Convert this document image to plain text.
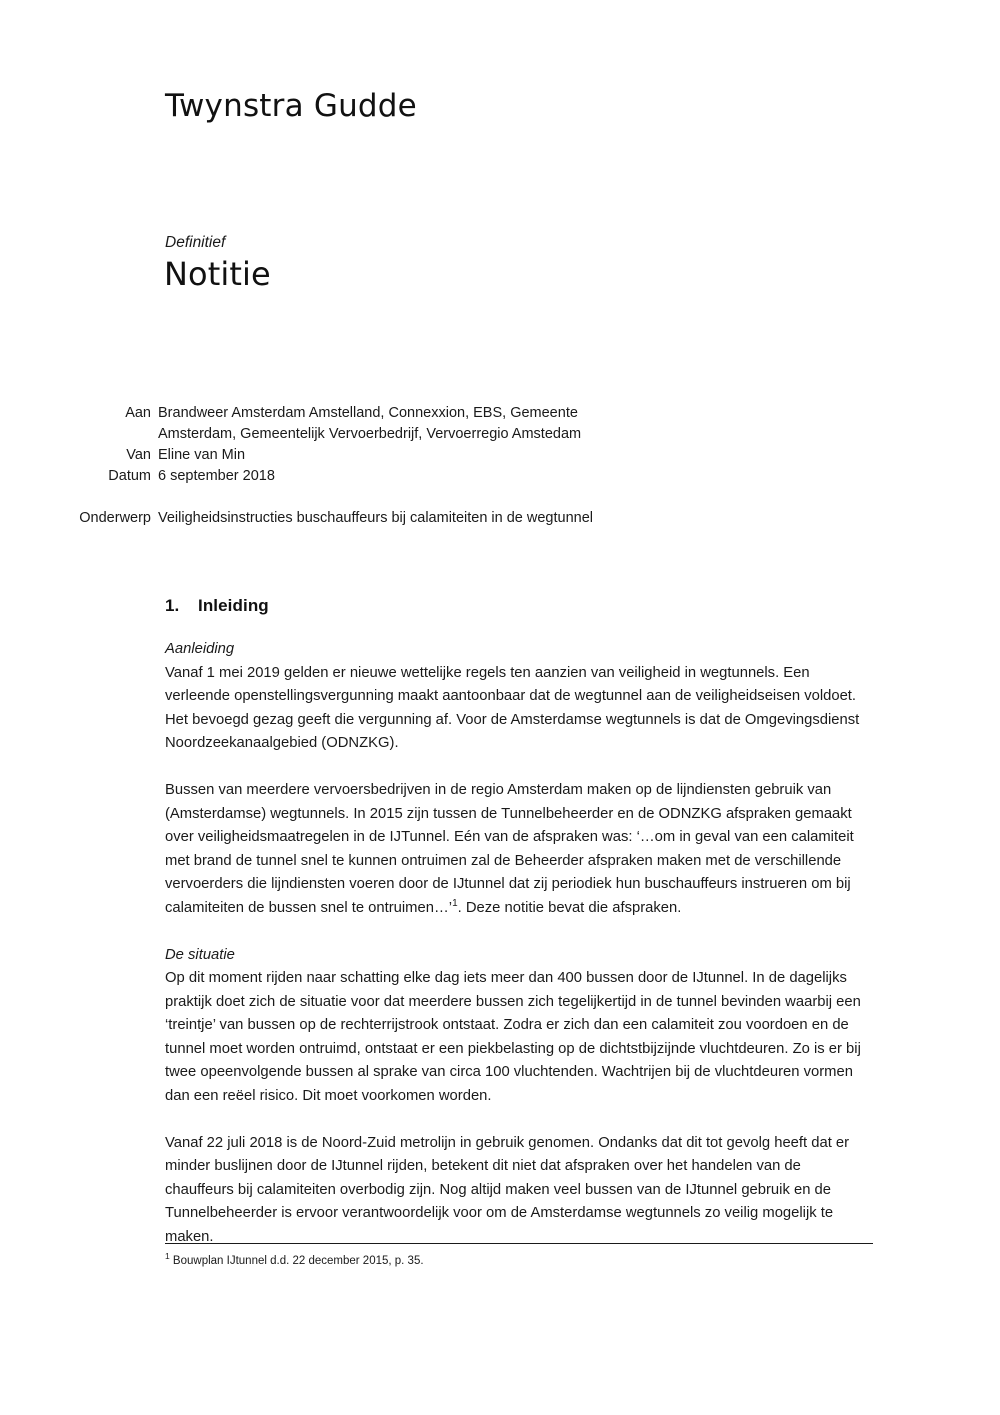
Twynstra Gudde
Definitief
Notitie
Aan Brandweer Amsterdam Amstelland, Connexxion, EBS, Gemeente
Amsterdam, Gemeentelijk Vervoerbedrijf, Vervoerregio Amstedam
Van Eline van Min
Datum 6 september 2018
Onderwerp Veiligheidsinstructies buschauffeurs bij calamiteiten in de wegtunnel
1. Inleiding

Aanleiding

Vanaf 1 mei 2019 gelden er nieuwe wettelijke regels ten aanzien van veiligheid in wegtunnels. Een verleende openstellingsvergunning maakt aantoonbaar dat de wegtunnel aan de veiligheidseisen voldoet. Het bevoegd gezag geeft die vergunning af. Voor de Amsterdamse wegtunnels is dat de Omgevingsdienst Noordzeekanaalgebied (ODNZKG).

Bussen van meerdere vervoersbedrijven in de regio Amsterdam maken op de lijndiensten gebruik van (Amsterdamse) wegtunnels. In 2015 zijn tussen de Tunnelbeheerder en de ODNZKG afspraken gemaakt over veiligheidsmaatregelen in de IJTunnel. Eén van de afspraken was: ‘…om in geval van een calamiteit met brand de tunnel snel te kunnen ontruimen zal de Beheerder afspraken maken met de verschillende vervoerders die lijndiensten voeren door de IJtunnel dat zij periodiek hun buschauffeurs instrueren om bij calamiteiten de bussen snel te ontruimen…’$^1$. Deze notitie bevat die afspraken.

De situatie

Op dit moment rijden naar schatting elke dag iets meer dan 400 bussen door de IJtunnel. In de dagelijks praktijk doet zich de situatie voor dat meerdere bussen zich tegelijkertijd in de tunnel bevinden waarbij een ‘treintje’ van bussen op de rechterrijstrook ontstaat. Zodra er zich dan een calamiteit zou voordoen en de tunnel moet worden ontruimd, ontstaat er een piekbelasting op de dichtstbijzijnde vluchtdeuren. Zo is er bij twee opeenvolgende bussen al sprake van circa 100 vluchtenden. Wachtrijen bij de vluchtdeuren vormen dan een reëel risico. Dit moet voorkomen worden.

Vanaf 22 juli 2018 is de Noord-Zuid metrolijn in gebruik genomen. Ondanks dat dit tot gevolg heeft dat er minder buslijnen door de IJtunnel rijden, betekent dit niet dat afspraken over het handelen van de chauffeurs bij calamiteiten overbodig zijn. Nog altijd maken veel bussen van de IJtunnel gebruik en de Tunnelbeheerder is ervoor verantwoordelijk voor om de Amsterdamse wegtunnels zo veilig mogelijk te maken.

$^1$ Bouwplan IJtunnel d.d. 22 december 2015, p. 35.
